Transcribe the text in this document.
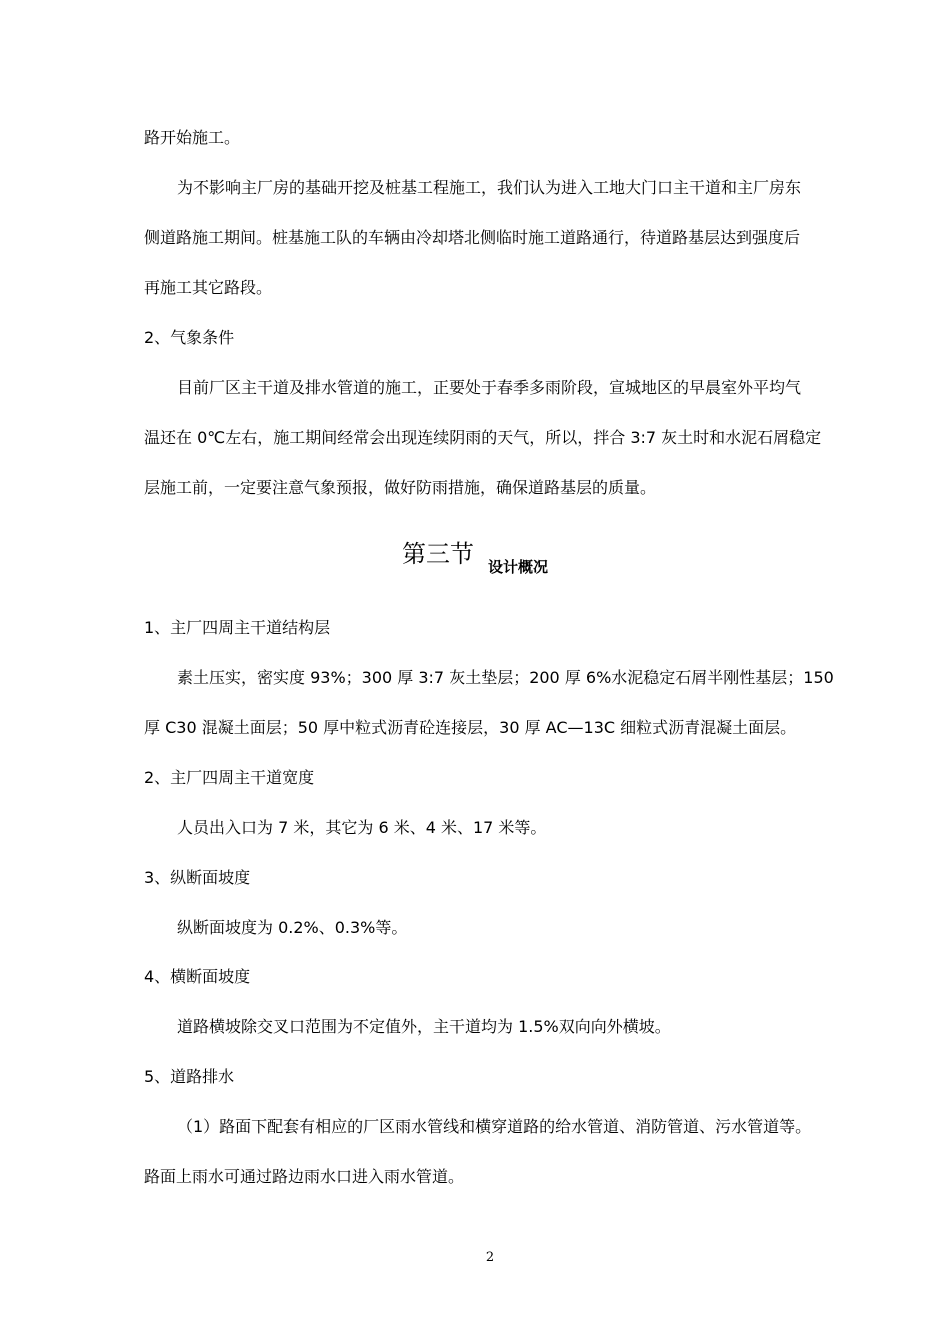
路开始施工。
为不影响主厂房的基础开挖及桩基工程施工，我们认为进入工地大门口主干道和主厂房东
侧道路施工期间。桩基施工队的车辆由冷却塔北侧临时施工道路通行，待道路基层达到强度后
再施工其它路段。
2、气象条件
目前厂区主干道及排水管道的施工，正要处于春季多雨阶段，宣城地区的早晨室外平均气
温还在 0℃左右，施工期间经常会出现连续阴雨的天气，所以，拌合 3:7 灰土时和水泥石屑稳定
层施工前，一定要注意气象预报，做好防雨措施，确保道路基层的质量。
第三节 设计概况
1、主厂四周主干道结构层
素土压实，密实度 93%；300 厚 3:7 灰土垫层；200 厚 6%水泥稳定石屑半刚性基层；150
厚 C30 混凝土面层；50 厚中粒式沥青砼连接层，30 厚 AC—13C 细粒式沥青混凝土面层。
2、主厂四周主干道宽度
人员出入口为 7 米，其它为 6 米、4 米、17 米等。
3、纵断面坡度
纵断面坡度为 0.2%、0.3%等。
4、横断面坡度
道路横坡除交叉口范围为不定值外，主干道均为 1.5%双向向外横坡。
5、道路排水
（1）路面下配套有相应的厂区雨水管线和横穿道路的给水管道、消防管道、污水管道等。
路面上雨水可通过路边雨水口进入雨水管道。
2
